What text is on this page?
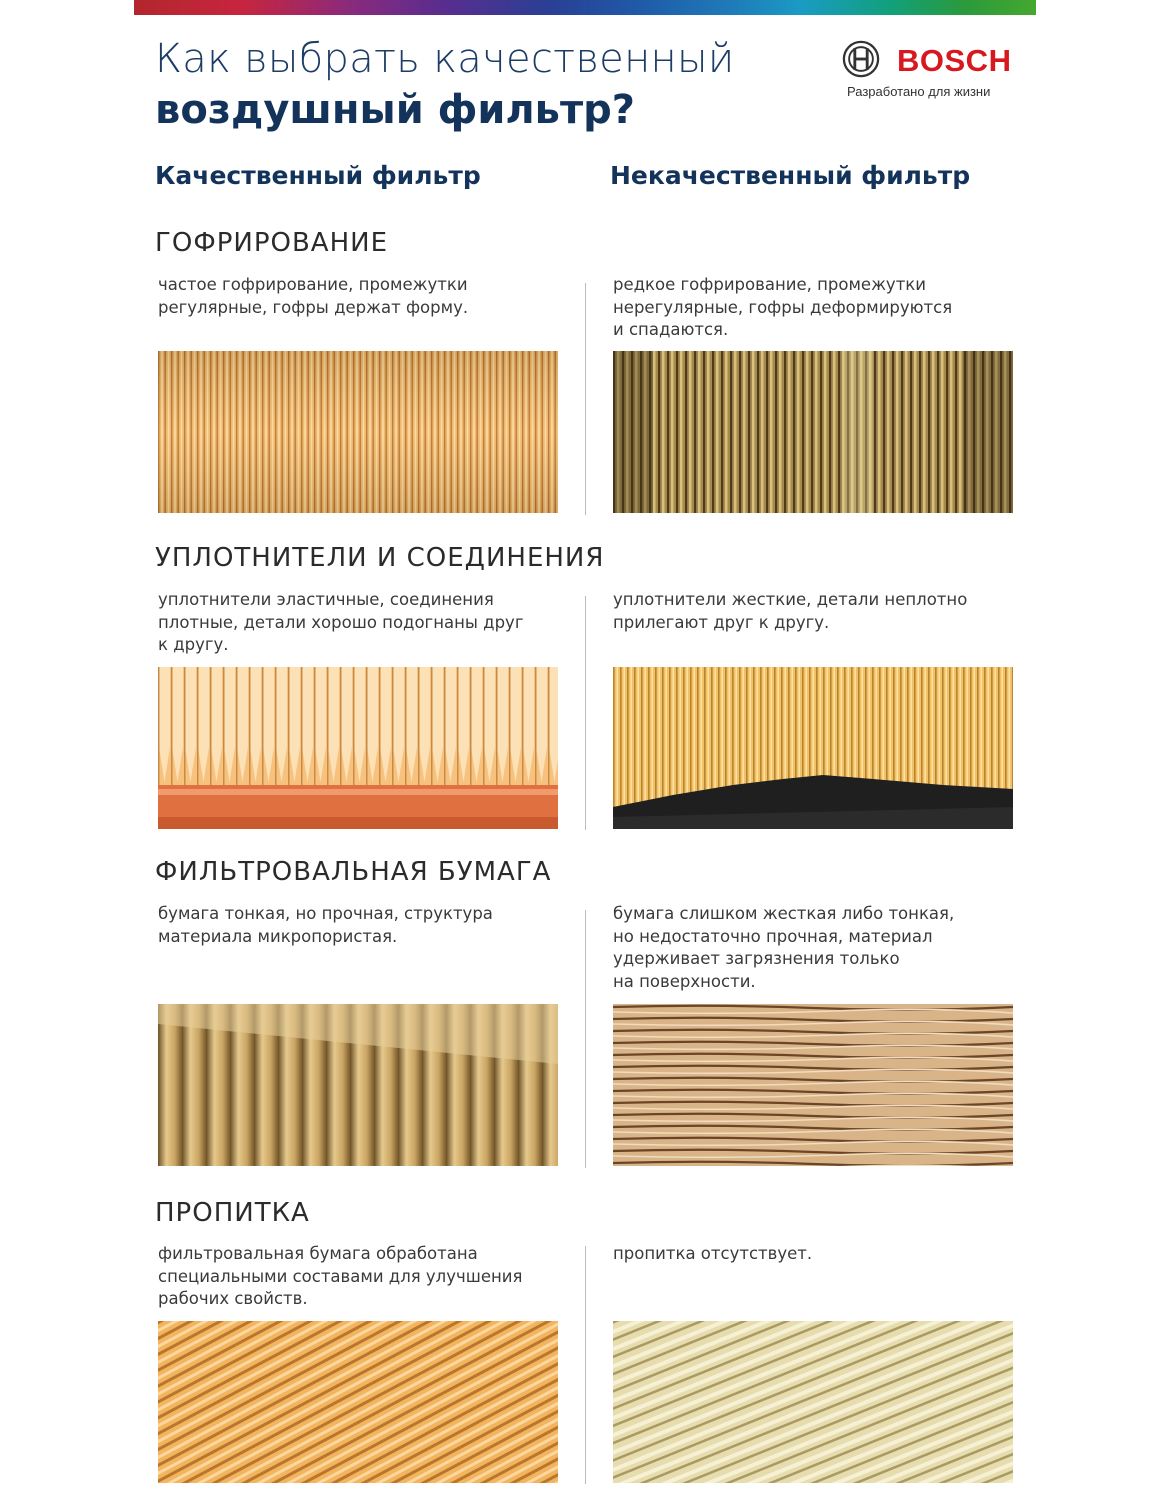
Как выбрать качественный
воздушный фильтр?
BOSCH
Разработано для жизни
Качественный фильтр	Некачественный фильтр
ГОФРИРОВАНИЕ
частое гофрирование, промежутки
регулярные, гофры держат форму.
редкое гофрирование, промежутки
нерегулярные, гофры деформируются
и спадаются.
УПЛОТНИТЕЛИ И СОЕДИНЕНИЯ
уплотнители эластичные, соединения
плотные, детали хорошо подогнаны друг
к другу.
уплотнители жесткие, детали неплотно
прилегают друг к другу.
ФИЛЬТРОВАЛЬНАЯ БУМАГА
бумага тонкая, но прочная, структура
материала микропористая.
бумага слишком жесткая либо тонкая,
но недостаточно прочная, материал
удерживает загрязнения только
на поверхности.
ПРОПИТКА
фильтровальная бумага обработана
специальными составами для улучшения
рабочих свойств.
пропитка отсутствует.
